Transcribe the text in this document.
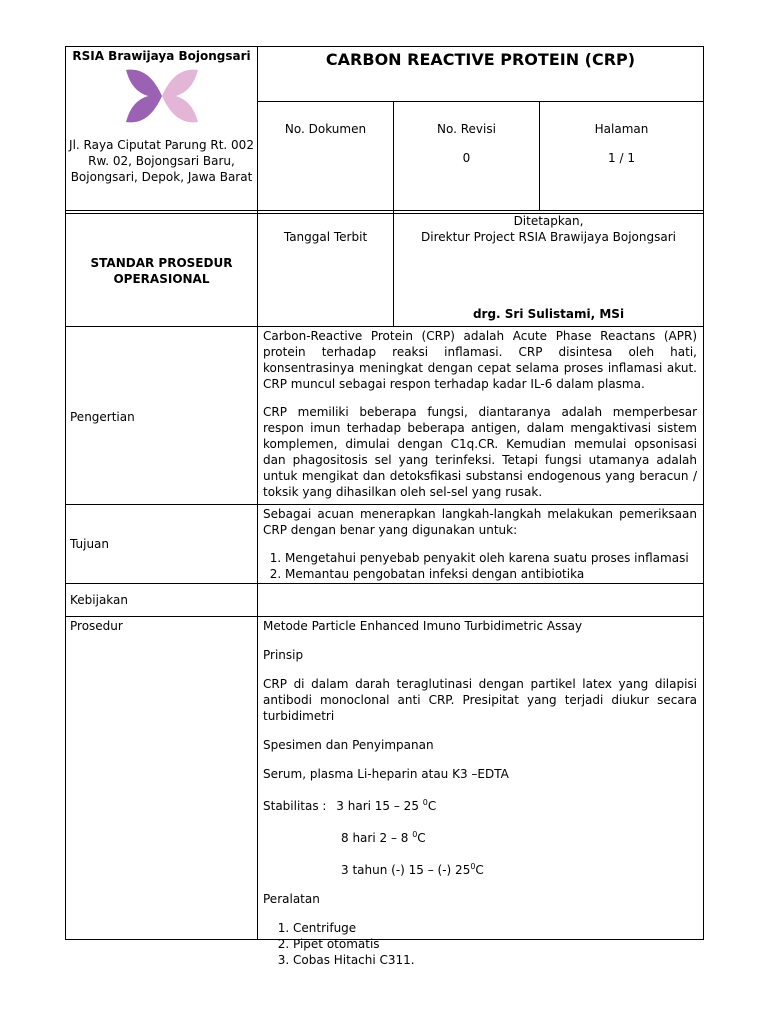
RSIA Brawijaya Bojongsari
Jl. Raya Ciputat Parung Rt. 002
Rw. 02, Bojongsari Baru,
Bojongsari, Depok, Jawa Barat
CARBON REACTIVE PROTEIN (CRP)
No. Dokumen	No. Revisi
0
Halaman
1 / 1
STANDAR PROSEDUR
OPERASIONAL
Tanggal Terbit
Ditetapkan,
Direktur Project RSIA Brawijaya Bojongsari
drg. Sri Sulistami, MSi
Pengertian

Carbon-Reactive Protein (CRP) adalah Acute Phase Reactans (APR) protein terhadap reaksi inflamasi. CRP disintesa oleh hati, konsentrasinya meningkat dengan cepat selama proses inflamasi akut. CRP muncul sebagai respon terhadap kadar IL-6 dalam plasma.

CRP memiliki beberapa fungsi, diantaranya adalah memperbesar respon imun terhadap beberapa antigen, dalam mengaktivasi sistem komplemen, dimulai dengan C1q.CR. Kemudian memulai opsonisasi dan phagositosis sel yang terinfeksi. Tetapi fungsi utamanya adalah untuk mengikat dan detoksfikasi substansi endogenous yang beracun / toksik yang dihasilkan oleh sel-sel yang rusak.

Tujuan

Sebagai acuan menerapkan langkah-langkah melakukan pemeriksaan CRP dengan benar yang digunakan untuk:

1. Mengetahui penyebab penyakit oleh karena suatu proses inflamasi
2. Memantau pengobatan infeksi dengan antibiotika
Kebijakan
Prosedur	Metode Particle Enhanced Imuno Turbidimetric Assay

Prinsip

CRP di dalam darah teraglutinasi dengan partikel latex yang dilapisi antibodi monoclonal anti CRP. Presipitat yang terjadi diukur secara turbidimetri

Spesimen dan Penyimpanan

Serum, plasma Li-heparin atau K3 –EDTA

Stabilitas : 3 hari 15 – 25 $^0$C

8 hari 2 – 8 $^0$C

3 tahun (-) 15 – (-) $25^0C$

Peralatan

1. Centrifuge
2. Pipet otomatis
3. Cobas Hitachi C311.
